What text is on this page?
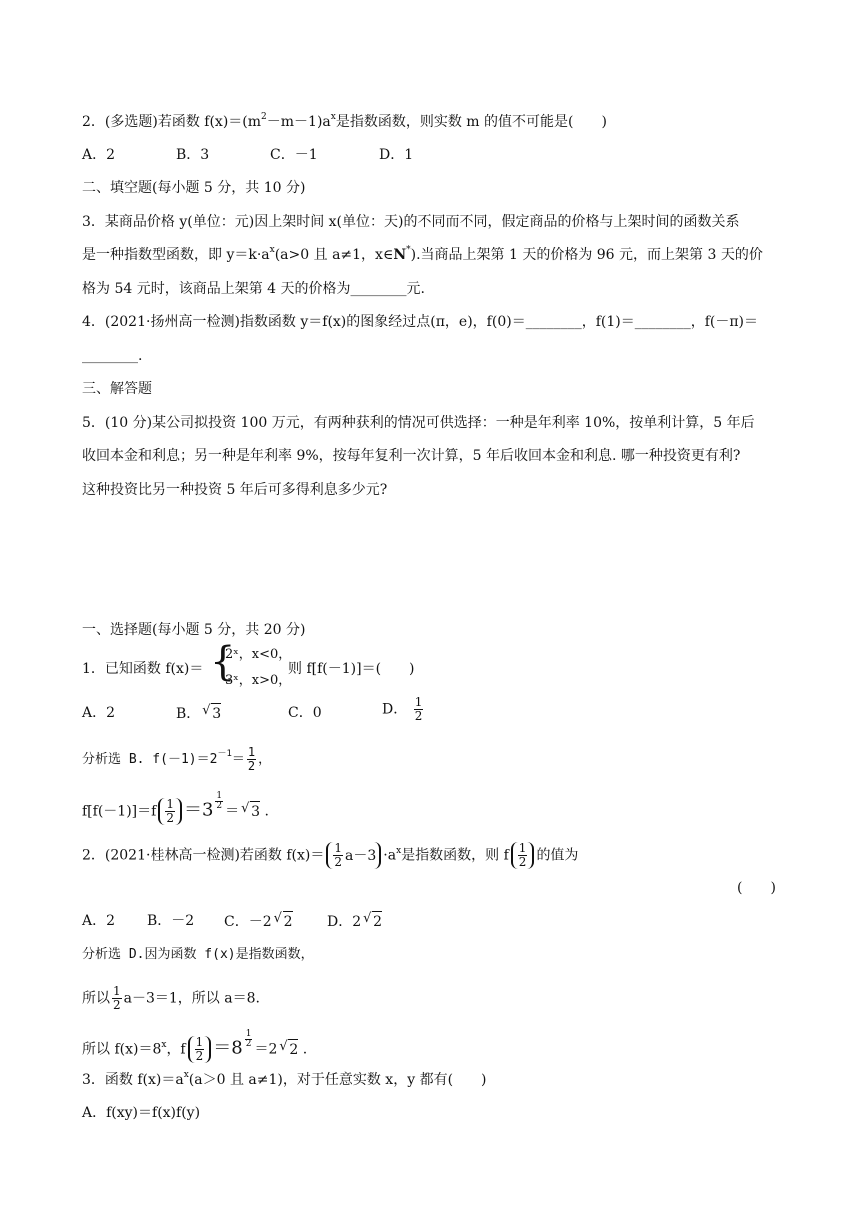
2．(多选题)若函数 $f(x)=(m^2-m-1)a^x$是指数函数，则实数 m 的值不可能是(　　)
A．2	B．3	C．－1	D．1
二、填空题(每小题 5 分，共 10 分)
3．某商品价格 y(单位：元)因上架时间 x(单位：天)的不同而不同，假定商品的价格与上架时间的函数关系
是一种指数型函数，即 $y=k\cdot a^x(a>0$ 且 a≠1，x∈N*).当商品上架第 1 天的价格为 96 元，而上架第 3 天的价
格为 54 元时，该商品上架第 4 天的价格为________元.
4．(2021·扬州高一检测)指数函数 y＝f(x)的图象经过点(π，e)，f(0)＝________，f(1)＝________，f(－π)＝
________.
三、解答题
5．(10 分)某公司拟投资 100 万元，有两种获利的情况可供选择：一种是年利率 10%，按单利计算，5 年后
收回本金和利息；另一种是年利率 9%，按每年复利一次计算，5 年后收回本金和利息. 哪一种投资更有利?
这种投资比另一种投资 5 年后可多得利息多少元?
一、选择题(每小题 5 分，共 20 分)
1．已知函数 f(x)＝ {
2ˣ，x<0，
3ˣ，x>0，
则 f[f(－1)]＝(　　)
A．2	B． √ 3	C．0	D． $\frac{1}{2}$
分析选 B. $f(-1)=2^{-1}= \frac{1}{2}$ ，
$f[f(-1)]=f \frac{1}{2} =3$ $^{\frac{1}{2}}$
＝ √ 3 .
2．(2021·桂林高一检测)若函数 $f(x)= \frac{1}{2} a-3 \cdot a^x$是指数函数，则 f $\frac{1}{2}$ 的值为
(　　)
A．2 B．－2 C．－2 √ 2 D．2 √ 2
分析选 D.因为函数 f(x)是指数函数，
所以 $\frac{1}{2} a-3=1$，所以 a＝8.
所以 $f(x)=8^x$，f $\frac{1}{2} =8$ $^{\frac{1}{2}}$
＝2 √ 2 .
3．函数 $f(x)=a^x(a>0$ 且 a≠1)，对于任意实数 x，y 都有(　　)
A．f(xy)＝f(x)f(y)
